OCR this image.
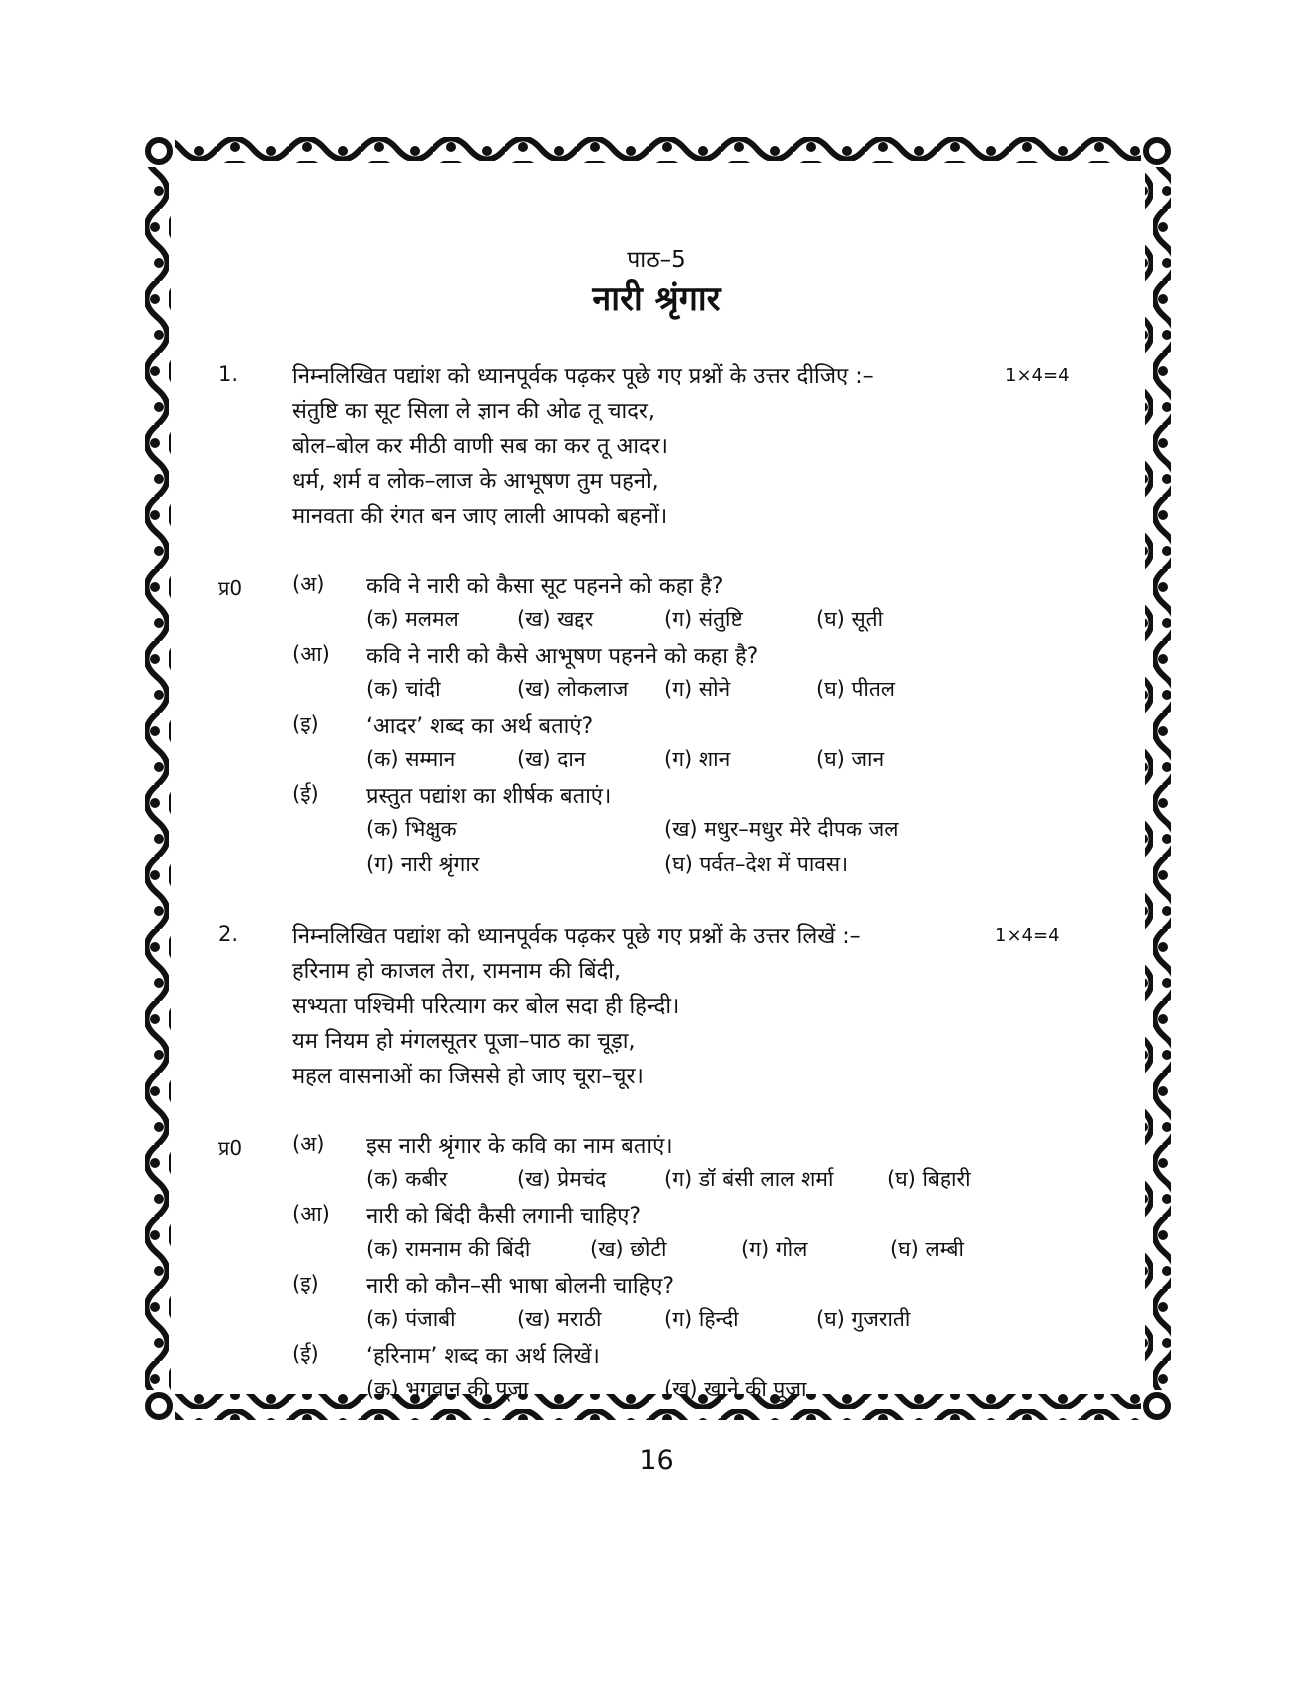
पाठ–5
नारी श्रृंगार
1. निम्नलिखित पद्यांश को ध्यानपूर्वक पढ़कर पूछे गए प्रश्नों के उत्तर दीजिए :–	1×4=4
संतुष्टि का सूट सिला ले ज्ञान की ओढ तू चादर,
बोल–बोल कर मीठी वाणी सब का कर तू आदर।
धर्म, शर्म व लोक–लाज के आभूषण तुम पहनो,
मानवता की रंगत बन जाए लाली आपको बहनों।
प्र0 (अ) कवि ने नारी को कैसा सूट पहनने को कहा है?
(क) मलमल	(ख) खद्दर	(ग) संतुष्टि	(घ) सूती
(आ) कवि ने नारी को कैसे आभूषण पहनने को कहा है?
(क) चांदी	(ख) लोकलाज (ग) सोने	(घ) पीतल
(इ) ‘आदर’ शब्द का अर्थ बताएं?
(क) सम्मान	(ख) दान	(ग) शान	(घ) जान
(ई) प्रस्तुत पद्यांश का शीर्षक बताएं।
(क) भिक्षुक	(ख) मधुर–मधुर मेरे दीपक जल
(ग) नारी श्रृंगार	(घ) पर्वत–देश में पावस।
2. निम्नलिखित पद्यांश को ध्यानपूर्वक पढ़कर पूछे गए प्रश्नों के उत्तर लिखें :–	1×4=4
हरिनाम हो काजल तेरा, रामनाम की बिंदी,
सभ्यता पश्चिमी परित्याग कर बोल सदा ही हिन्दी।
यम नियम हो मंगलसूतर पूजा–पाठ का चूड़ा,
महल वासनाओं का जिससे हो जाए चूरा–चूर।
प्र0 (अ) इस नारी श्रृंगार के कवि का नाम बताएं।
(क) कबीर	(ख) प्रेमचंद	(ग) डॉ बंसी लाल शर्मा	(घ) बिहारी
(आ) नारी को बिंदी कैसी लगानी चाहिए?
(क) रामनाम की बिंदी	(ख) छोटी	(ग) गोल	(घ) लम्बी
(इ) नारी को कौन–सी भाषा बोलनी चाहिए?
(क) पंजाबी	(ख) मराठी	(ग) हिन्दी	(घ) गुजराती
(ई) ‘हरिनाम’ शब्द का अर्थ लिखें।
(क) भगवान की पूजा	(ख) खाने की पूजा
16
